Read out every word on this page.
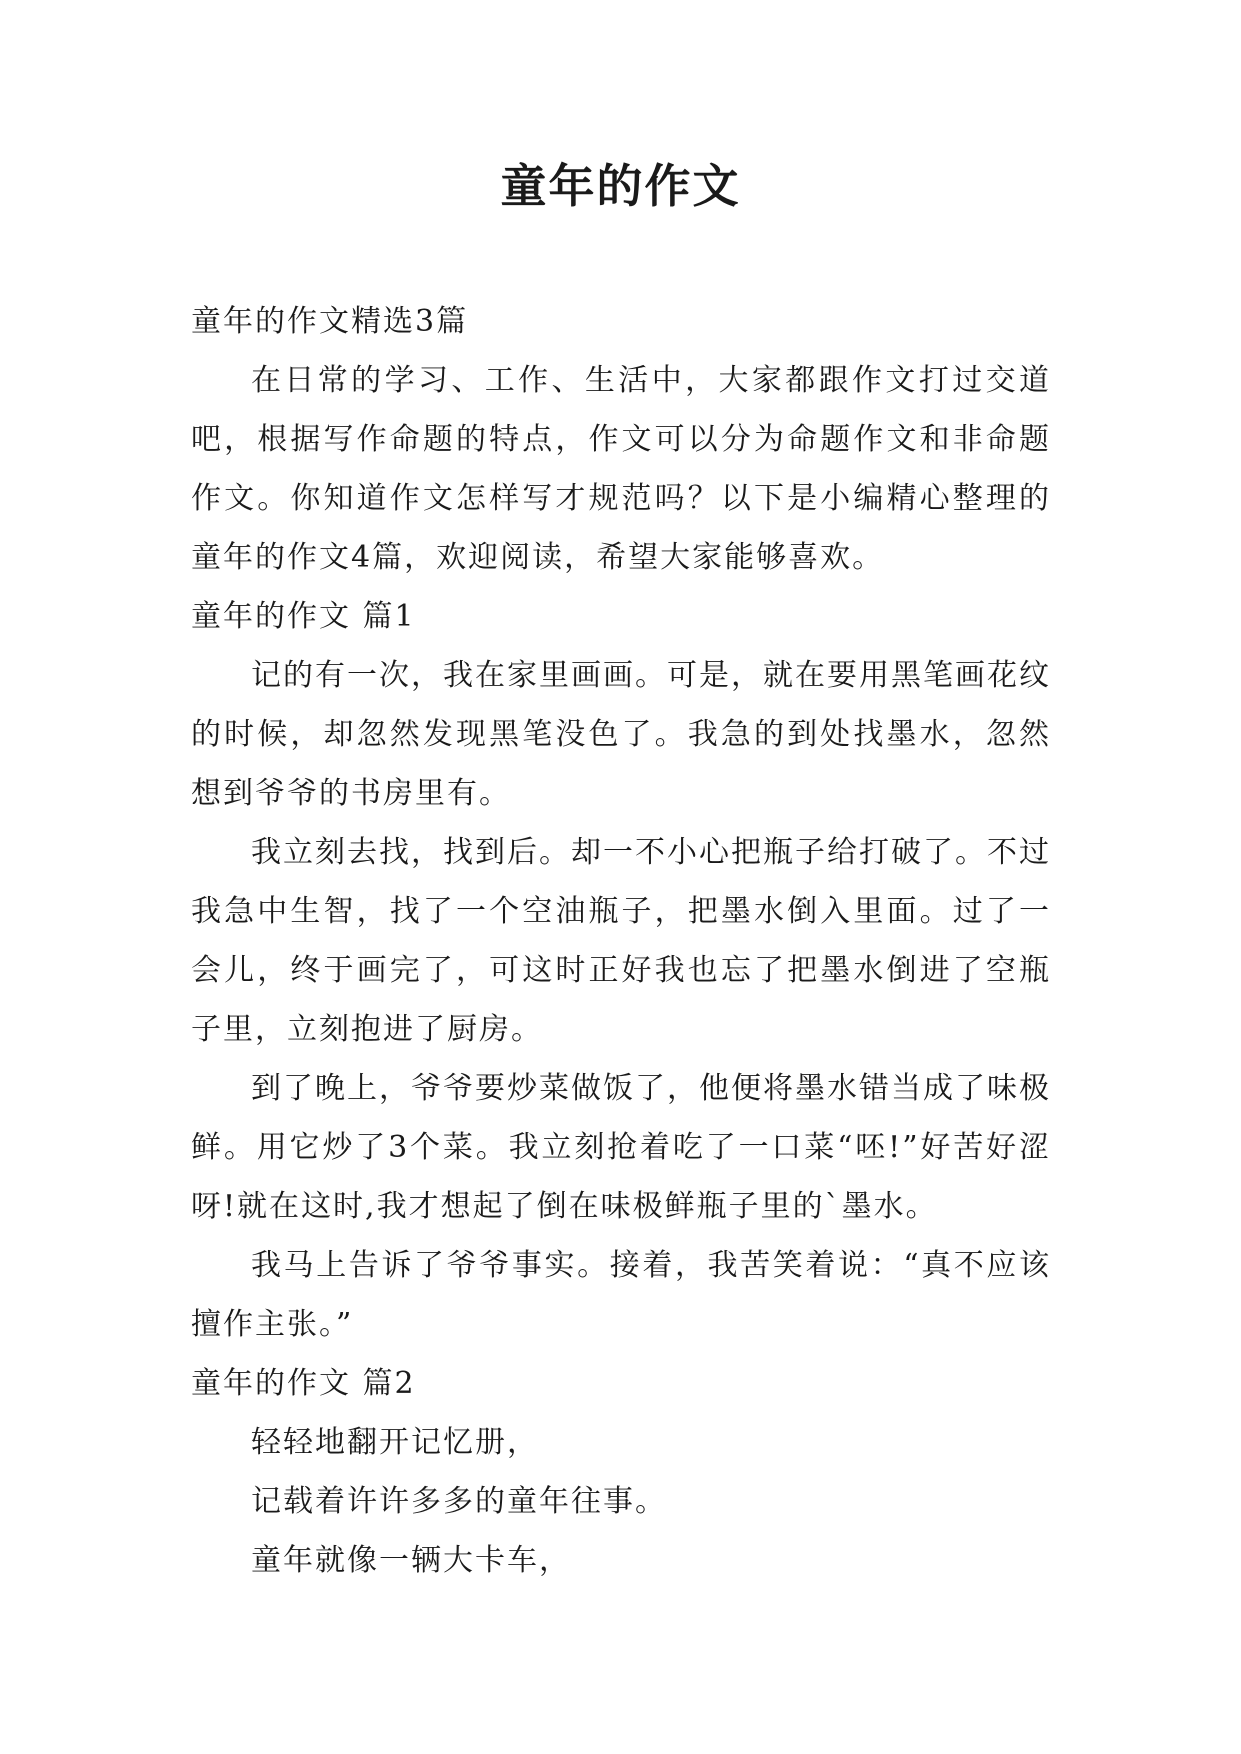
童年的作文

童年的作文精选3篇

在日常的学习、工作、生活中，大家都跟作文打过交道吧，根据写作命题的特点，作文可以分为命题作文和非命题作文。你知道作文怎样写才规范吗？以下是小编精心整理的童年的作文4篇，欢迎阅读，希望大家能够喜欢。

童年的作文 篇1

记的有一次，我在家里画画。可是，就在要用黑笔画花纹的时候，却忽然发现黑笔没色了。我急的到处找墨水，忽然想到爷爷的书房里有。

我立刻去找，找到后。却一不小心把瓶子给打破了。不过我急中生智，找了一个空油瓶子，把墨水倒入里面。过了一会儿，终于画完了，可这时正好我也忘了把墨水倒进了空瓶子里，立刻抱进了厨房。

到了晚上，爷爷要炒菜做饭了，他便将墨水错当成了味极鲜。用它炒了3个菜。我立刻抢着吃了一口菜“呸!”好苦好涩呀!就在这时,我才想起了倒在味极鲜瓶子里的`墨水。

我马上告诉了爷爷事实。接着，我苦笑着说：“真不应该擅作主张。”

童年的作文 篇2

轻轻地翻开记忆册，

记载着许许多多的童年往事。

童年就像一辆大卡车，
